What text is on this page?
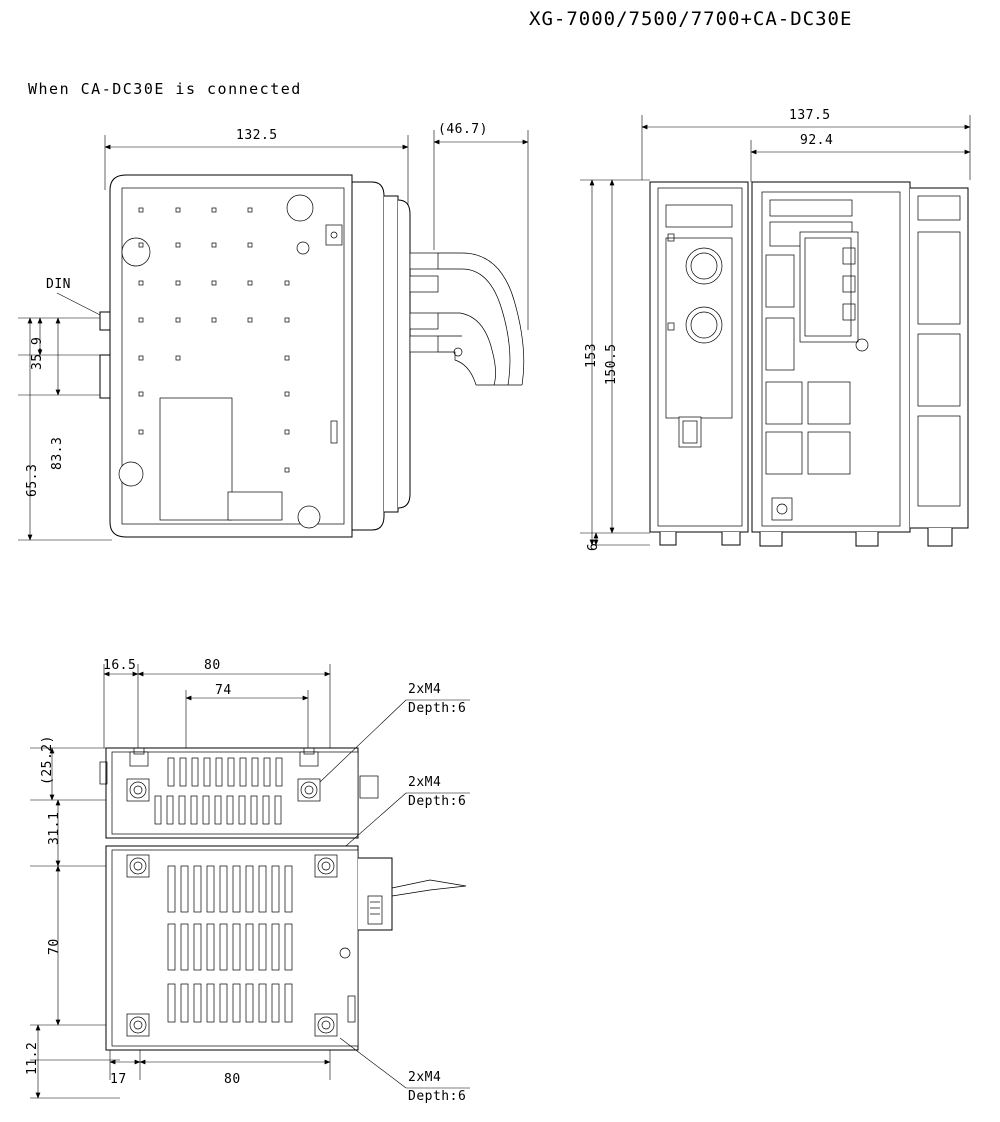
XG-7000/7500/7700+CA-DC30E
When CA-DC30E is connected
132.5	(46.7)
35.9
83.3
65.3
DIN
137.5
92.4
153 150.5
6
16.5	80
74
(25.2)
31.1
70
11.2
17	80
2xM4
Depth:6
2xM4
Depth:6
2xM4
Depth:6
